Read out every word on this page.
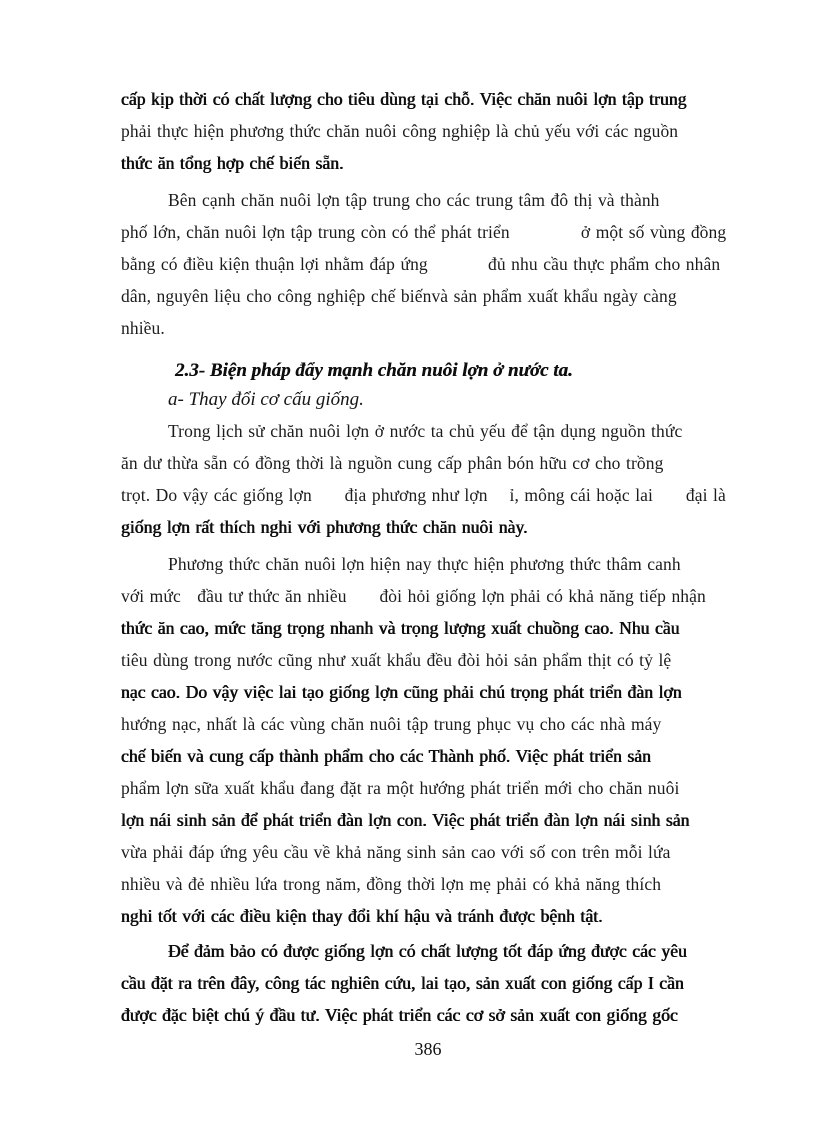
cấp kịp thời có chất lượng cho tiêu dùng tại chỗ. Việc chăn nuôi lợn tập trung
phải thực hiện phương thức chăn nuôi công nghiệp là chủ yếu với các nguồn
thức ăn tổng hợp chế biến sẵn.
Bên cạnh chăn nuôi lợn tập trung cho các trung tâm đô thị và thành
phố lớn, chăn nuôi lợn tập trung còn có thể phát triển             ở một số vùng đồng
bằng có điều kiện thuận lợi nhằm đáp ứng           đủ nhu cầu thực phẩm cho nhân
dân, nguyên liệu cho công nghiệp chế biếnvà sản phẩm xuất khẩu ngày càng
nhiều.
2.3- Biện pháp đẩy mạnh chăn nuôi lợn ở nước ta.
a- Thay đổi cơ cấu giống.
Trong lịch sử chăn nuôi lợn ở nước ta chủ yếu để tận dụng nguồn thức
ăn dư thừa sẵn có đồng thời là nguồn cung cấp phân bón hữu cơ cho trồng
trọt. Do vậy các giống lợn      địa phương như lợn    ỉ, mông cái hoặc lai      đại là
giống lợn rất thích nghi với phương thức chăn nuôi này.
Phương thức chăn nuôi lợn hiện nay thực hiện phương thức thâm canh
với mức   đầu tư thức ăn nhiều      đòi hỏi giống lợn phải có khả năng tiếp nhận
thức ăn cao, mức tăng trọng nhanh và trọng lượng xuất chuồng cao. Nhu cầu
tiêu dùng trong nước cũng như xuất khẩu đều đòi hỏi sản phẩm thịt có tỷ lệ
nạc cao. Do vậy việc lai tạo giống lợn cũng phải chú trọng phát triển đàn lợn
hướng nạc, nhất là các vùng chăn nuôi tập trung phục vụ cho các nhà máy
chế biến và cung cấp thành phẩm cho các Thành phố. Việc phát triển sản
phẩm lợn sữa xuất khẩu đang đặt ra một hướng phát triển mới cho chăn nuôi
lợn nái sinh sản để phát triển đàn lợn con. Việc phát triển đàn lợn nái sinh sản
vừa phải đáp ứng yêu cầu về khả năng sinh sản cao với số con trên mỗi lứa
nhiều và đẻ nhiều lứa trong năm, đồng thời lợn mẹ phải có khả năng thích
nghi tốt với các điều kiện thay đổi khí hậu và tránh được bệnh tật.
Để đảm bảo có được giống lợn có chất lượng tốt đáp ứng được các yêu
cầu đặt ra trên đây, công tác nghiên cứu, lai tạo, sản xuất con giống cấp I cần
được đặc biệt chú ý đầu tư. Việc phát triển các cơ sở sản xuất con giống gốc
386
